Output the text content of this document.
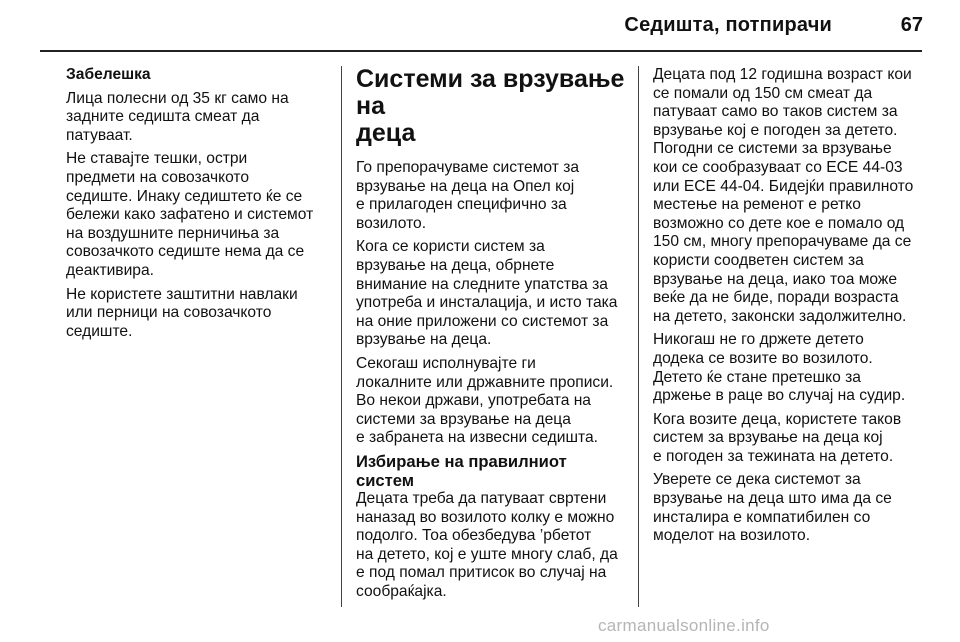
Седишта, потпирачи	67

Забелешка

Лица полесни од 35 кг само на
задните седишта смеат да
патуваат.

Не ставајте тешки, остри
предмети на совозачкото
седиште. Инаку седиштето ќе се
бележи како зафатено и системот
на воздушните перничиња за
совозачкото седиште нема да се
деактивира.

Не користете заштитни навлаки
или перници на совозачкото
седиште.

Системи за врзување на
деца

Го препорачуваме системот за
врзување на деца на Опел кој
е прилагоден специфично за
возилото.

Кога се користи систем за
врзување на деца, обрнете
внимание на следните упатства за
употреба и инсталација, и исто така
на оние приложени со системот за
врзување на деца.

Секогаш исполнувајте ги
локалните или државните прописи.
Во некои држави, употребата на
системи за врзување на деца
е забранета на извесни седишта.

Избирање на правилниот
систем

Децата треба да патуваат свртени
наназад во возилото колку е можно
подолго. Тоа обезбедува ’рбетот
на детето, кој е уште многу слаб, да
е под помал притисок во случај на
сообраќајка.

Децата под 12 годишна возраст кои
се помали од 150 см смеат да
патуваат само во таков систем за
врзување кој е погоден за детето.
Погодни се системи за врзување
кои се сообразуваат со ECE 44-03
или ECE 44-04. Бидејќи правилното
местење на ременот е ретко
возможно со дете кое е помало од
150 см, многу препорачуваме да се
користи соодветен систем за
врзување на деца, иако тоа може
веќе да не биде, поради возраста
на детето, законски задолжително.

Никогаш не го држете детето
додека се возите во возилото.
Детето ќе стане претешко за
држење в раце во случај на судир.

Кога возите деца, користете таков
систем за врзување на деца кој
е погоден за тежината на детето.

Уверете се дека системот за
врзување на деца што има да се
инсталира е компатибилен со
моделот на возилото.

carmanualsonline.info
